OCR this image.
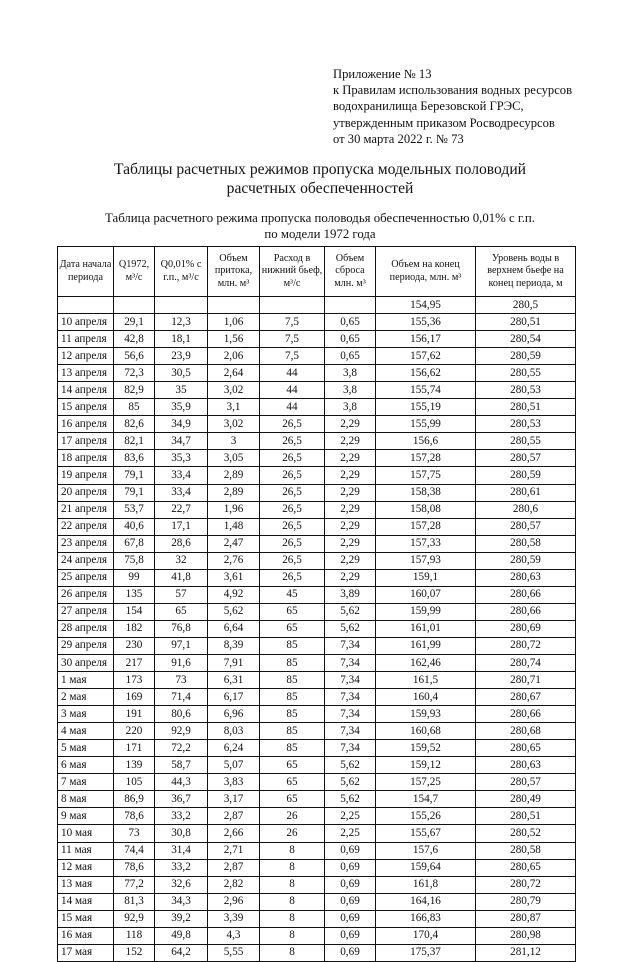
Приложение № 13
к Правилам использования водных ресурсов
водохранилища Березовской ГРЭС,
утвержденным приказом Росводресурсов
от 30 марта 2022 г. № 73
Таблицы расчетных режимов пропуска модельных половодий
расчетных обеспеченностей
Таблица расчетного режима пропуска половодья обеспеченностью 0,01% с г.п.
по модели 1972 года
Дата начала периода	Q1972, м³/с	Q0,01% с г.п., м³/с	Объем притока, млн. м³	Расход в нижний бьеф, м³/с	Объем сброса млн. м³	Объем на конец периода, млн. м³	Уровень воды в верхнем бьефе на конец периода, м
						154,95	280,5
10 апреля	29,1	12,3	1,06	7,5	0,65	155,36	280,51
11 апреля	42,8	18,1	1,56	7,5	0,65	156,17	280,54
12 апреля	56,6	23,9	2,06	7,5	0,65	157,62	280,59
13 апреля	72,3	30,5	2,64	44	3,8	156,62	280,55
14 апреля	82,9	35	3,02	44	3,8	155,74	280,53
15 апреля	85	35,9	3,1	44	3,8	155,19	280,51
16 апреля	82,6	34,9	3,02	26,5	2,29	155,99	280,53
17 апреля	82,1	34,7	3	26,5	2,29	156,6	280,55
18 апреля	83,6	35,3	3,05	26,5	2,29	157,28	280,57
19 апреля	79,1	33,4	2,89	26,5	2,29	157,75	280,59
20 апреля	79,1	33,4	2,89	26,5	2,29	158,38	280,61
21 апреля	53,7	22,7	1,96	26,5	2,29	158,08	280,6
22 апреля	40,6	17,1	1,48	26,5	2,29	157,28	280,57
23 апреля	67,8	28,6	2,47	26,5	2,29	157,33	280,58
24 апреля	75,8	32	2,76	26,5	2,29	157,93	280,59
25 апреля	99	41,8	3,61	26,5	2,29	159,1	280,63
26 апреля	135	57	4,92	45	3,89	160,07	280,66
27 апреля	154	65	5,62	65	5,62	159,99	280,66
28 апреля	182	76,8	6,64	65	5,62	161,01	280,69
29 апреля	230	97,1	8,39	85	7,34	161,99	280,72
30 апреля	217	91,6	7,91	85	7,34	162,46	280,74
1 мая	173	73	6,31	85	7,34	161,5	280,71
2 мая	169	71,4	6,17	85	7,34	160,4	280,67
3 мая	191	80,6	6,96	85	7,34	159,93	280,66
4 мая	220	92,9	8,03	85	7,34	160,68	280,68
5 мая	171	72,2	6,24	85	7,34	159,52	280,65
6 мая	139	58,7	5,07	65	5,62	159,12	280,63
7 мая	105	44,3	3,83	65	5,62	157,25	280,57
8 мая	86,9	36,7	3,17	65	5,62	154,7	280,49
9 мая	78,6	33,2	2,87	26	2,25	155,26	280,51
10 мая	73	30,8	2,66	26	2,25	155,67	280,52
11 мая	74,4	31,4	2,71	8	0,69	157,6	280,58
12 мая	78,6	33,2	2,87	8	0,69	159,64	280,65
13 мая	77,2	32,6	2,82	8	0,69	161,8	280,72
14 мая	81,3	34,3	2,96	8	0,69	164,16	280,79
15 мая	92,9	39,2	3,39	8	0,69	166,83	280,87
16 мая	118	49,8	4,3	8	0,69	170,4	280,98
17 мая	152	64,2	5,55	8	0,69	175,37	281,12
